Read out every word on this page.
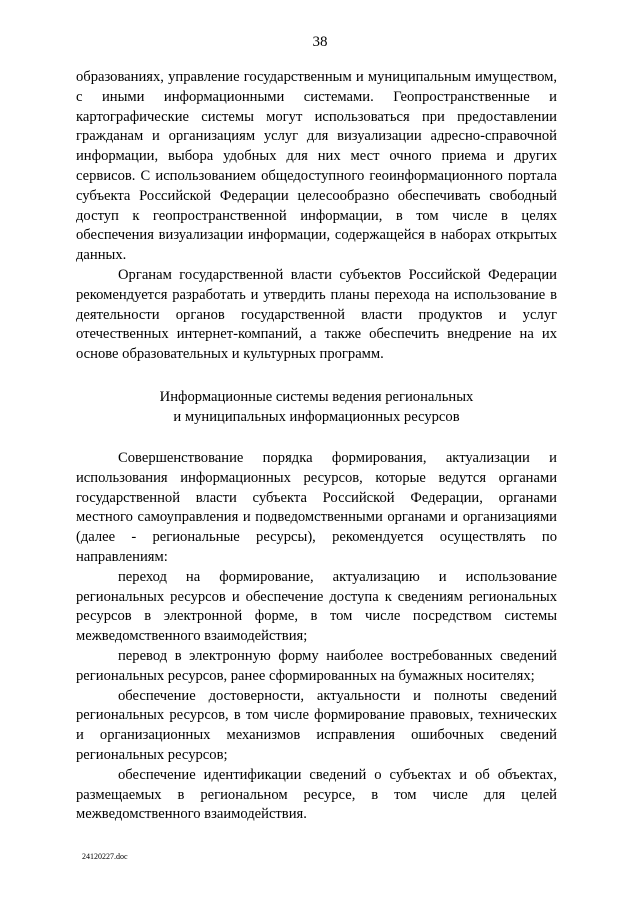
38

образованиях, управление государственным и муниципальным имуществом, с иными информационными системами. Геопространственные и картографические системы могут использоваться при предоставлении гражданам и организациям услуг для визуализации адресно-справочной информации, выбора удобных для них мест очного приема и других сервисов. С использованием общедоступного геоинформационного портала субъекта Российской Федерации целесообразно обеспечивать свободный доступ к геопространственной информации, в том числе в целях обеспечения визуализации информации, содержащейся в наборах открытых данных.

Органам государственной власти субъектов Российской Федерации рекомендуется разработать и утвердить планы перехода на использование в деятельности органов государственной власти продуктов и услуг отечественных интернет-компаний, а также обеспечить внедрение на их основе образовательных и культурных программ.

Информационные системы ведения региональных
и муниципальных информационных ресурсов

Совершенствование порядка формирования, актуализации и использования информационных ресурсов, которые ведутся органами государственной власти субъекта Российской Федерации, органами местного самоуправления и подведомственными органами и организациями (далее - региональные ресурсы), рекомендуется осуществлять по направлениям:

переход на формирование, актуализацию и использование региональных ресурсов и обеспечение доступа к сведениям региональных ресурсов в электронной форме, в том числе посредством системы межведомственного взаимодействия;

перевод в электронную форму наиболее востребованных сведений региональных ресурсов, ранее сформированных на бумажных носителях;

обеспечение достоверности, актуальности и полноты сведений региональных ресурсов, в том числе формирование правовых, технических и организационных механизмов исправления ошибочных сведений региональных ресурсов;

обеспечение идентификации сведений о субъектах и об объектах, размещаемых в региональном ресурсе, в том числе для целей межведомственного взаимодействия.

24120227.doc
